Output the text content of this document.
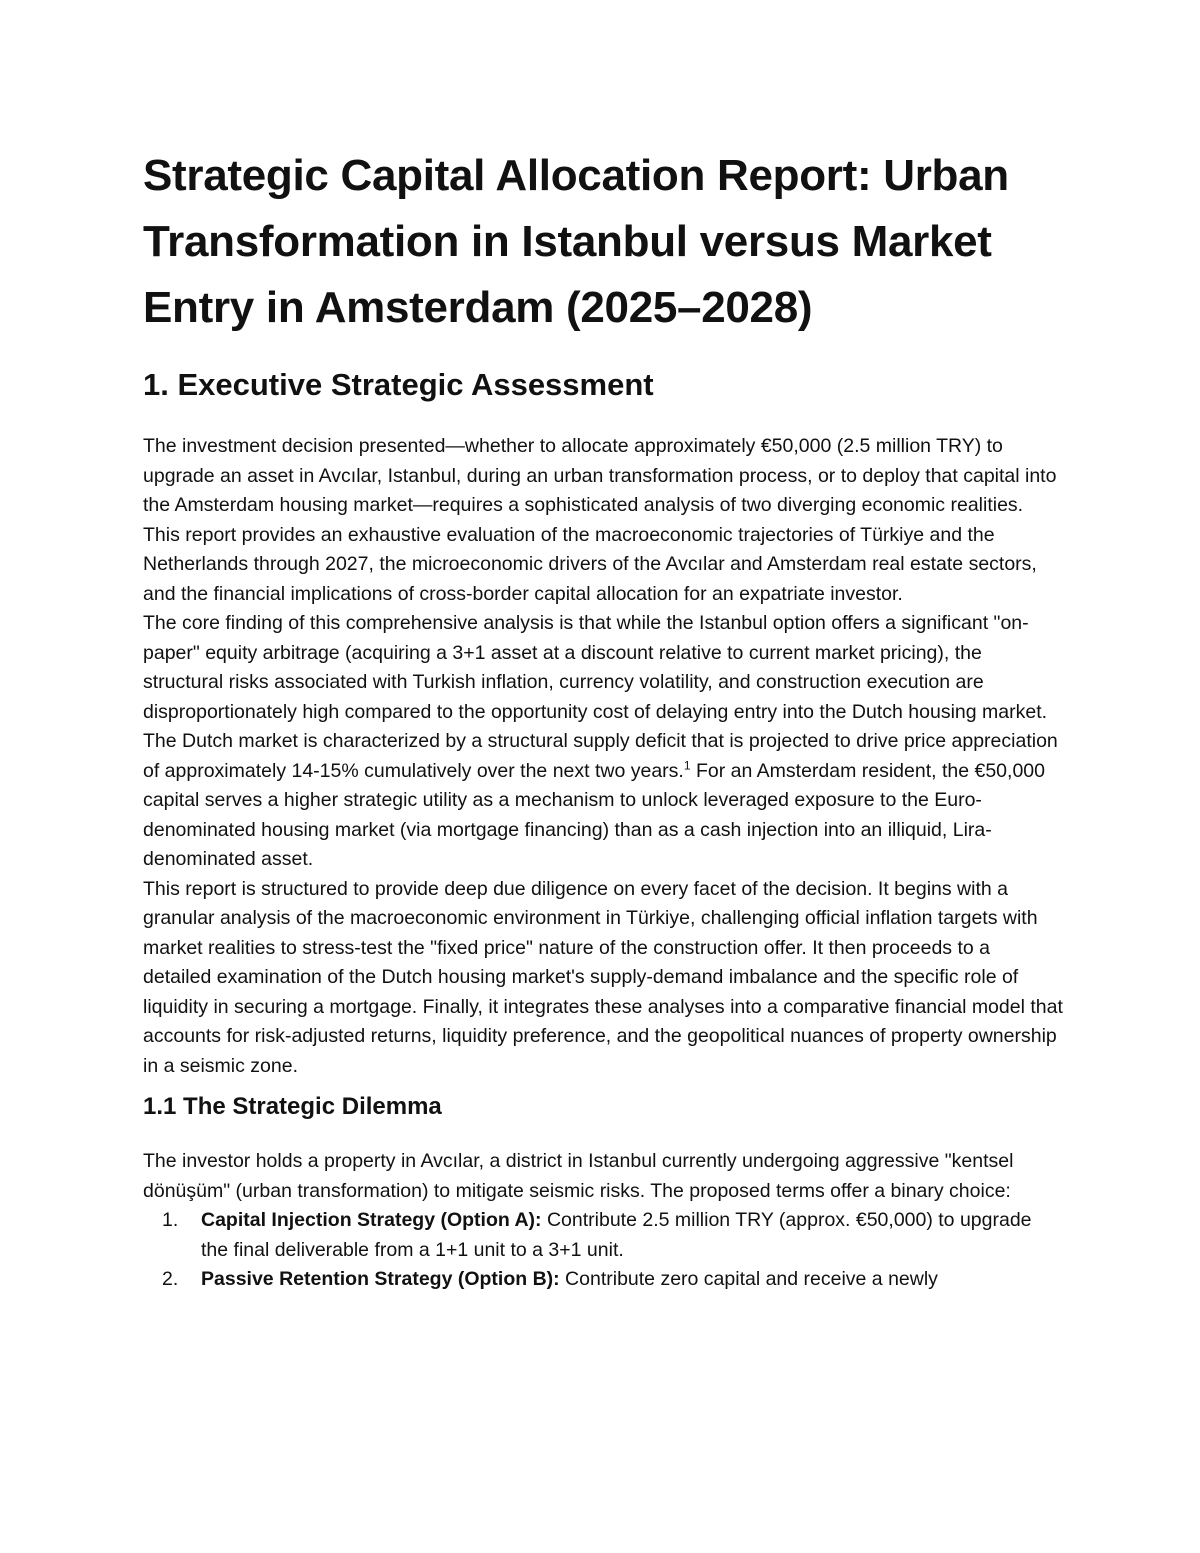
Strategic Capital Allocation Report: Urban Transformation in Istanbul versus Market Entry in Amsterdam (2025–2028)
1. Executive Strategic Assessment

The investment decision presented—whether to allocate approximately €50,000 (2.5 million TRY) to upgrade an asset in Avcılar, Istanbul, during an urban transformation process, or to deploy that capital into the Amsterdam housing market—requires a sophisticated analysis of two diverging economic realities. This report provides an exhaustive evaluation of the macroeconomic trajectories of Türkiye and the Netherlands through 2027, the microeconomic drivers of the Avcılar and Amsterdam real estate sectors, and the financial implications of cross-border capital allocation for an expatriate investor.

The core finding of this comprehensive analysis is that while the Istanbul option offers a significant "on-paper" equity arbitrage (acquiring a 3+1 asset at a discount relative to current market pricing), the structural risks associated with Turkish inflation, currency volatility, and construction execution are disproportionately high compared to the opportunity cost of delaying entry into the Dutch housing market. The Dutch market is characterized by a structural supply deficit that is projected to drive price appreciation of approximately 14-15% cumulatively over the next two years.$^1$ For an Amsterdam resident, the €50,000 capital serves a higher strategic utility as a mechanism to unlock leveraged exposure to the Euro-denominated housing market (via mortgage financing) than as a cash injection into an illiquid, Lira-denominated asset.

This report is structured to provide deep due diligence on every facet of the decision. It begins with a granular analysis of the macroeconomic environment in Türkiye, challenging official inflation targets with market realities to stress-test the "fixed price" nature of the construction offer. It then proceeds to a detailed examination of the Dutch housing market's supply-demand imbalance and the specific role of liquidity in securing a mortgage. Finally, it integrates these analyses into a comparative financial model that accounts for risk-adjusted returns, liquidity preference, and the geopolitical nuances of property ownership in a seismic zone.

1.1 The Strategic Dilemma

The investor holds a property in Avcılar, a district in Istanbul currently undergoing aggressive "kentsel dönüşüm" (urban transformation) to mitigate seismic risks. The proposed terms offer a binary choice:

1. Capital Injection Strategy (Option A): Contribute 2.5 million TRY (approx. €50,000) to upgrade the final deliverable from a 1+1 unit to a 3+1 unit.
2. Passive Retention Strategy (Option B): Contribute zero capital and receive a newly
